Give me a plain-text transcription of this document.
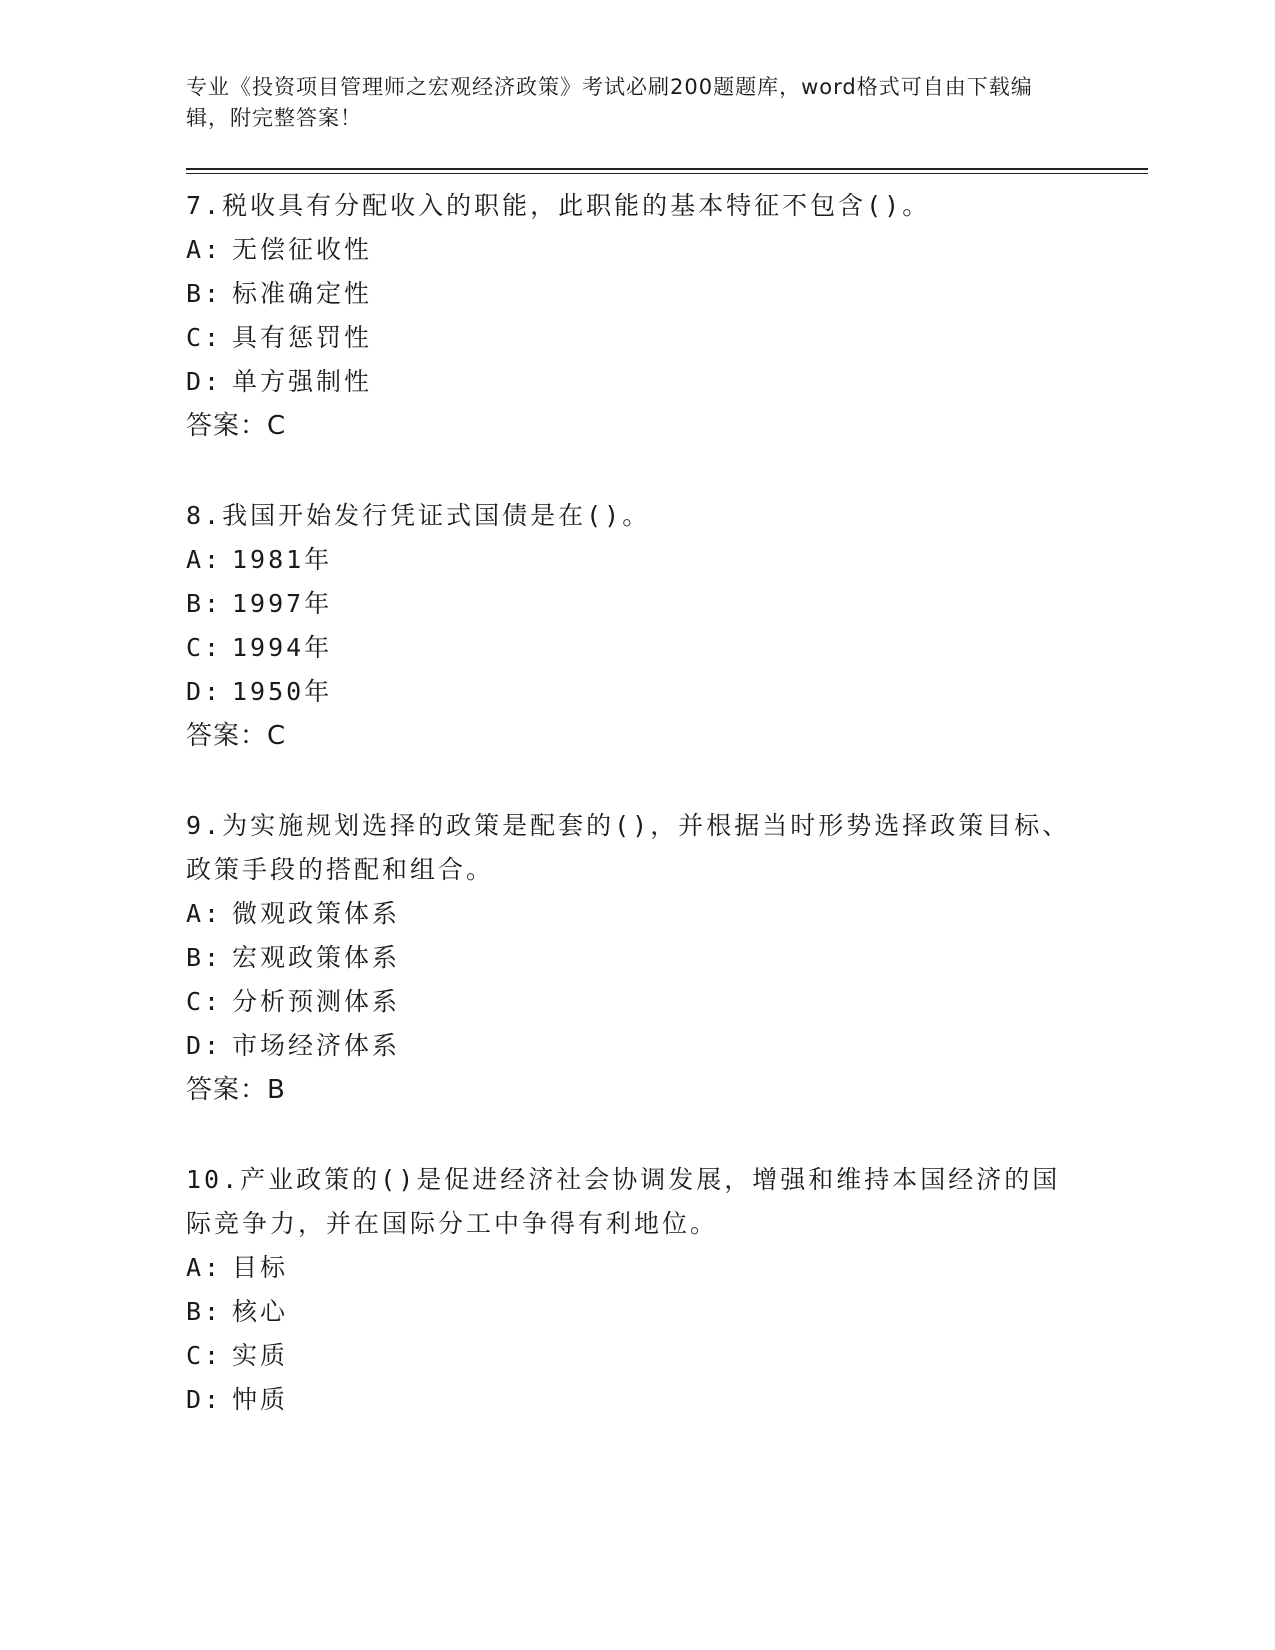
专业《投资项目管理师之宏观经济政策》考试必刷200题题库，word格式可自由下载编辑，附完整答案！

7.税收具有分配收入的职能，此职能的基本特征不包含()。

A: 无偿征收性

B: 标准确定性

C: 具有惩罚性

D: 单方强制性

答案：C

8.我国开始发行凭证式国债是在()。

A: 1981年

B: 1997年

C: 1994年

D: 1950年

答案：C

9.为实施规划选择的政策是配套的()，并根据当时形势选择政策目标、政策手段的搭配和组合。

A: 微观政策体系

B: 宏观政策体系

C: 分析预测体系

D: 市场经济体系

答案：B

10.产业政策的()是促进经济社会协调发展，增强和维持本国经济的国际竞争力，并在国际分工中争得有利地位。

A: 目标

B: 核心

C: 实质

D: 忡质
